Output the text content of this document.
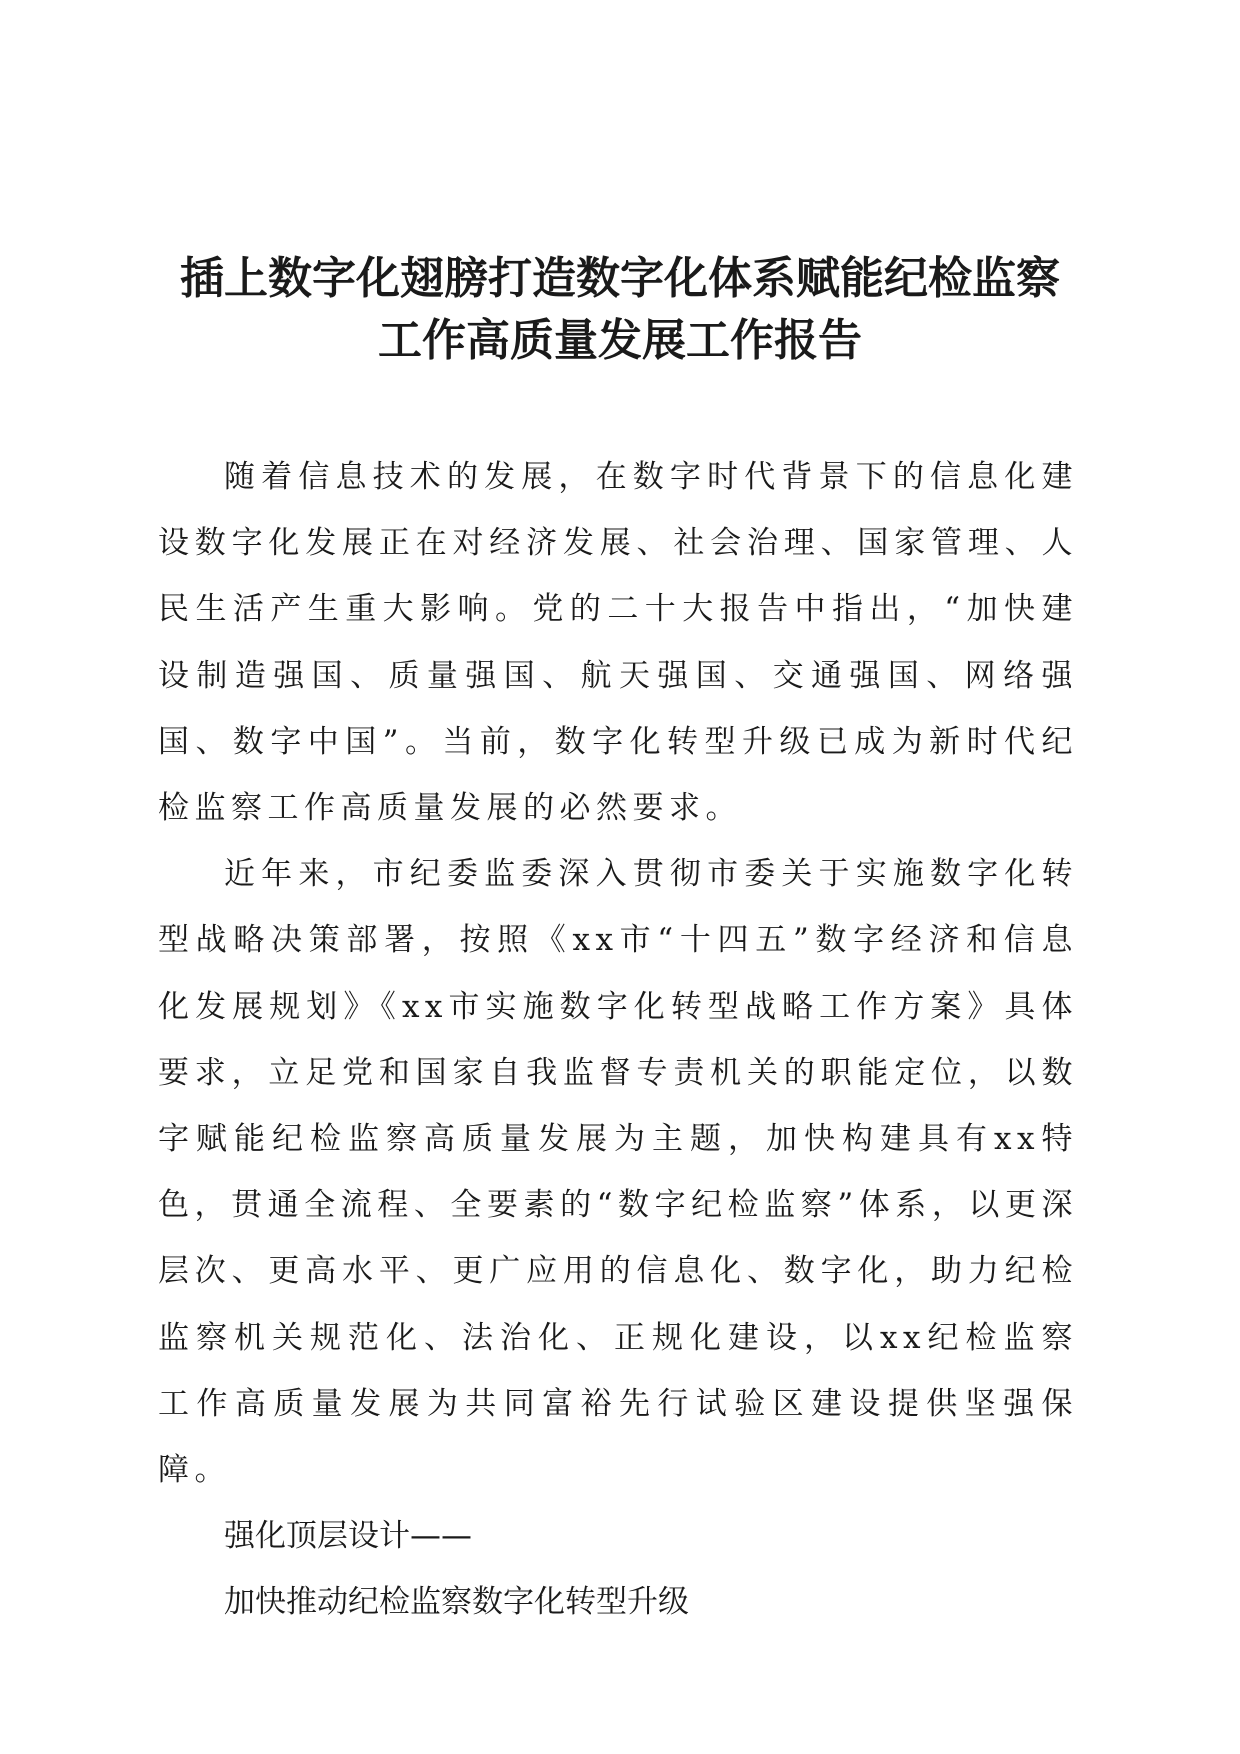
插上数字化翅膀打造数字化体系赋能纪检监察
工作高质量发展工作报告

随着信息技术的发展，在数字时代背景下的信息化建设数字化发展正在对经济发展、社会治理、国家管理、人民生活产生重大影响。党的二十大报告中指出，“加快建设制造强国、质量强国、航天强国、交通强国、网络强国、数字中国”。当前，数字化转型升级已成为新时代纪检监察工作高质量发展的必然要求。

近年来，市纪委监委深入贯彻市委关于实施数字化转型战略决策部署，按照《xx市“十四五”数字经济和信息化发展规划》《xx市实施数字化转型战略工作方案》具体要求，立足党和国家自我监督专责机关的职能定位，以数字赋能纪检监察高质量发展为主题，加快构建具有xx特色，贯通全流程、全要素的“数字纪检监察”体系，以更深层次、更高水平、更广应用的信息化、数字化，助力纪检监察机关规范化、法治化、正规化建设，以xx纪检监察工作高质量发展为共同富裕先行试验区建设提供坚强保障。

强化顶层设计——

加快推动纪检监察数字化转型升级
